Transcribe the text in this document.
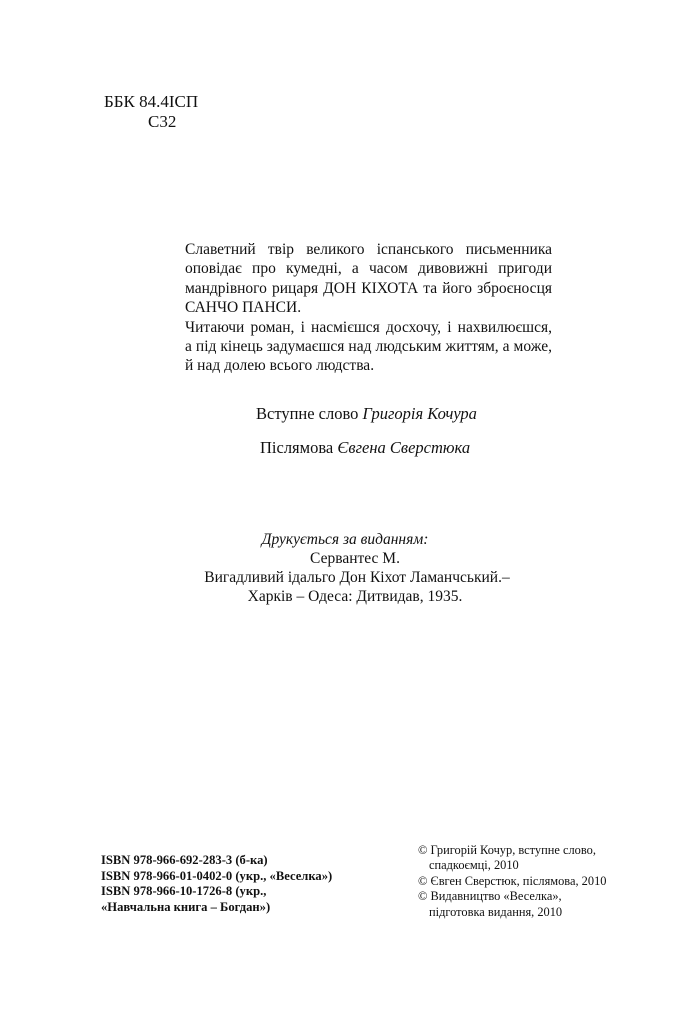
ББК 84.4ІСП
С32

Славетний твір великого іспанського письменника
оповідає про кумедні, а часом дивовижні пригоди
мандрівного рицаря ДОН КІХОТА та його зброєносця
САНЧО ПАНСИ.

Читаючи роман, і насмієшся досхочу, і нахвилюєшся,
а під кінець задумаєшся над людським життям, а може,
й над долею всього людства.

Вступне слово Григорія Кочура
Післямова Євгена Сверстюка
Друкується за виданням:
Сервантес М.
Вигадливий ідальго Дон Кіхот Ламанчський.–
Харків – Одеса: Дитвидав, 1935.
ISBN 978-966-692-283-3 (б-ка)
ISBN 978-966-01-0402-0 (укр., «Веселка»)
ISBN 978-966-10-1726-8 (укр.,
«Навчальна книга – Богдан»)
© Григорій Кочур, вступне слово,
спадкоємці, 2010
© Євген Сверстюк, післямова, 2010
© Видавництво «Веселка»,
підготовка видання, 2010
